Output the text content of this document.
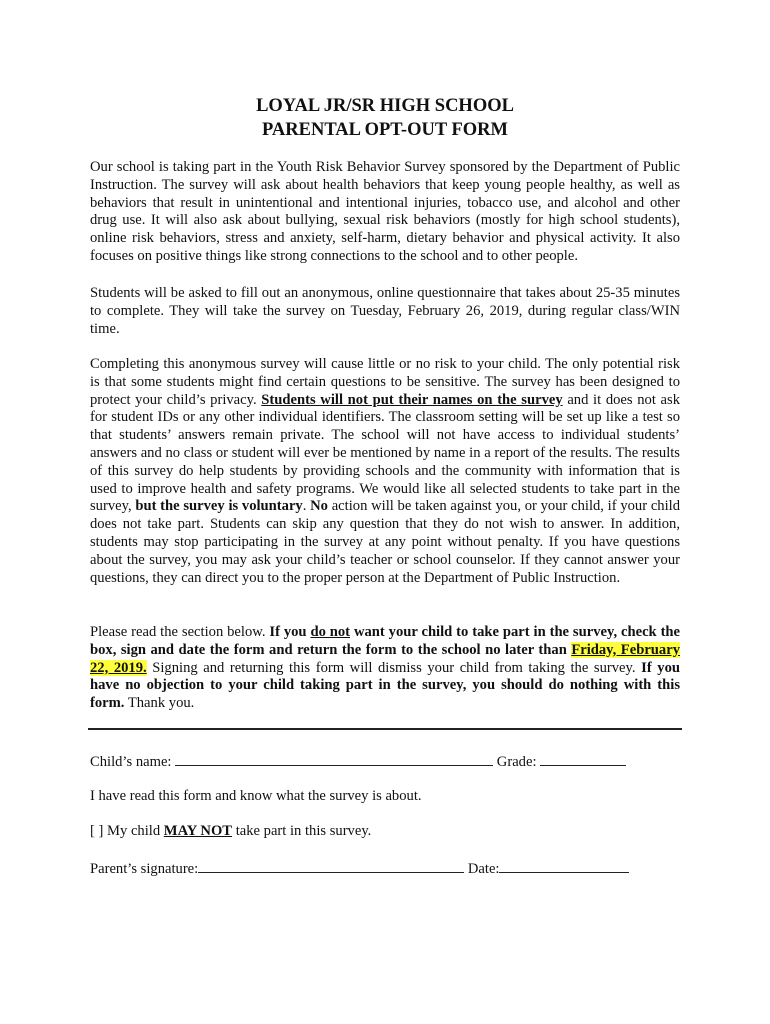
LOYAL JR/SR HIGH SCHOOL
PARENTAL OPT-OUT FORM
Our school is taking part in the Youth Risk Behavior Survey sponsored by the Department of Public Instruction. The survey will ask about health behaviors that keep young people healthy, as well as behaviors that result in unintentional and intentional injuries, tobacco use, and alcohol and other drug use. It will also ask about bullying, sexual risk behaviors (mostly for high school students), online risk behaviors, stress and anxiety, self-harm, dietary behavior and physical activity. It also focuses on positive things like strong connections to the school and to other people.
Students will be asked to fill out an anonymous, online questionnaire that takes about 25-35 minutes to complete. They will take the survey on Tuesday, February 26, 2019, during regular class/WIN time.
Completing this anonymous survey will cause little or no risk to your child. The only potential risk is that some students might find certain questions to be sensitive. The survey has been designed to protect your child’s privacy. Students will not put their names on the survey and it does not ask for student IDs or any other individual identifiers. The classroom setting will be set up like a test so that students’ answers remain private. The school will not have access to individual students’ answers and no class or student will ever be mentioned by name in a report of the results. The results of this survey do help students by providing schools and the community with information that is used to improve health and safety programs. We would like all selected students to take part in the survey, but the survey is voluntary. No action will be taken against you, or your child, if your child does not take part. Students can skip any question that they do not wish to answer. In addition, students may stop participating in the survey at any point without penalty. If you have questions about the survey, you may ask your child’s teacher or school counselor. If they cannot answer your questions, they can direct you to the proper person at the Department of Public Instruction.
Please read the section below. If you do not want your child to take part in the survey, check the box, sign and date the form and return the form to the school no later than Friday, February 22, 2019. Signing and returning this form will dismiss your child from taking the survey. If you have no objection to your child taking part in the survey, you should do nothing with this form. Thank you.
Child’s name:	Grade:
I have read this form and know what the survey is about.
[ ] My child MAY NOT take part in this survey.
Parent’s signature:	Date:
